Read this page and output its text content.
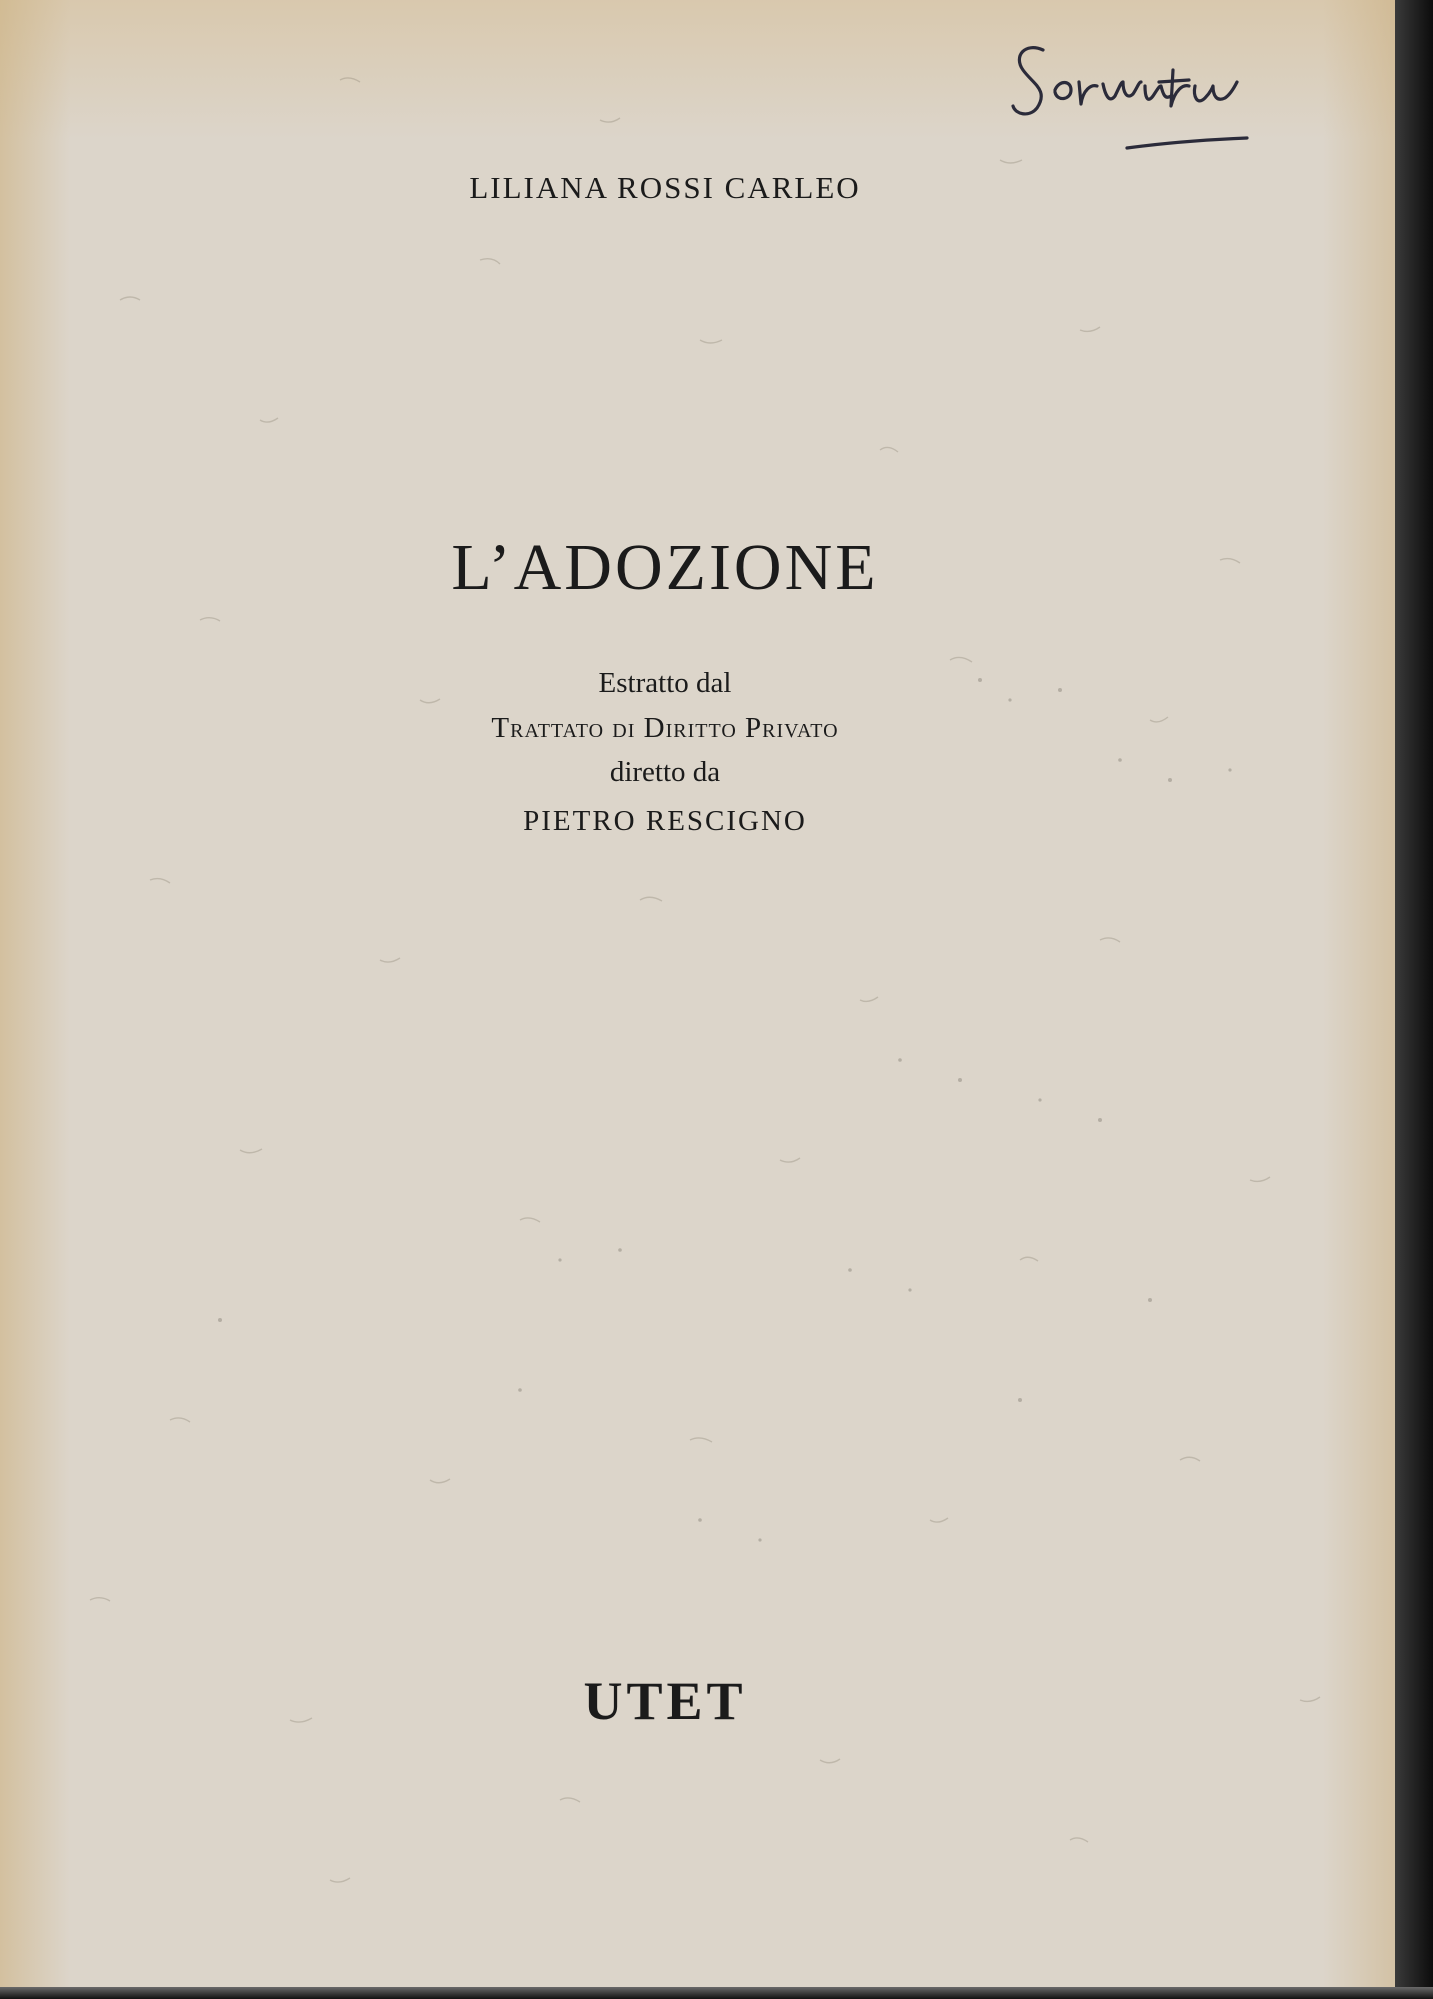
LILIANA ROSSI CARLEO
L’ADOZIONE
Estratto dal
Trattato di Diritto Privato
diretto da
PIETRO RESCIGNO
UTET
